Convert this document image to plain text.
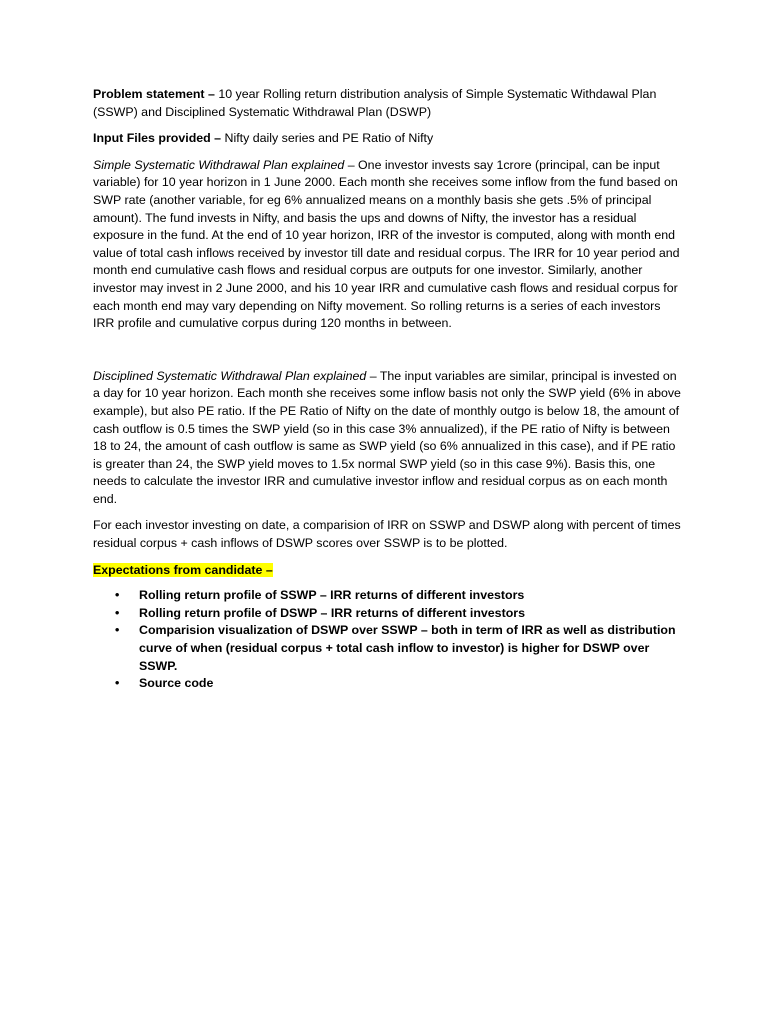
Problem statement – 10 year Rolling return distribution analysis of Simple Systematic Withdawal Plan (SSWP) and Disciplined Systematic Withdrawal Plan (DSWP)

Input Files provided – Nifty daily series and PE Ratio of Nifty

Simple Systematic Withdrawal Plan explained – One investor invests say 1crore (principal, can be input variable) for 10 year horizon in 1 June 2000. Each month she receives some inflow from the fund based on SWP rate (another variable, for eg 6% annualized means on a monthly basis she gets .5% of principal amount). The fund invests in Nifty, and basis the ups and downs of Nifty, the investor has a residual exposure in the fund. At the end of 10 year horizon, IRR of the investor is computed, along with month end value of total cash inflows received by investor till date and residual corpus. The IRR for 10 year period and month end cumulative cash flows and residual corpus are outputs for one investor. Similarly, another investor may invest in 2 June 2000, and his 10 year IRR and cumulative cash flows and residual corpus for each month end may vary depending on Nifty movement. So rolling returns is a series of each investors IRR profile and cumulative corpus during 120 months in between.

Disciplined Systematic Withdrawal Plan explained – The input variables are similar, principal is invested on a day for 10 year horizon. Each month she receives some inflow basis not only the SWP yield (6% in above example), but also PE ratio. If the PE Ratio of Nifty on the date of monthly outgo is below 18, the amount of cash outflow is 0.5 times the SWP yield (so in this case 3% annualized), if the PE ratio of Nifty is between 18 to 24, the amount of cash outflow is same as SWP yield (so 6% annualized in this case), and if PE ratio is greater than 24, the SWP yield moves to 1.5x normal SWP yield (so in this case 9%). Basis this, one needs to calculate the investor IRR and cumulative investor inflow and residual corpus as on each month end.

For each investor investing on date, a comparision of IRR on SSWP and DSWP along with percent of times residual corpus + cash inflows of DSWP scores over SSWP is to be plotted.

Expectations from candidate –

• Rolling return profile of SSWP – IRR returns of different investors
• Rolling return profile of DSWP – IRR returns of different investors
• Comparision visualization of DSWP over SSWP – both in term of IRR as well as distribution curve of when (residual corpus + total cash inflow to investor) is higher for DSWP over SSWP.
• Source code
